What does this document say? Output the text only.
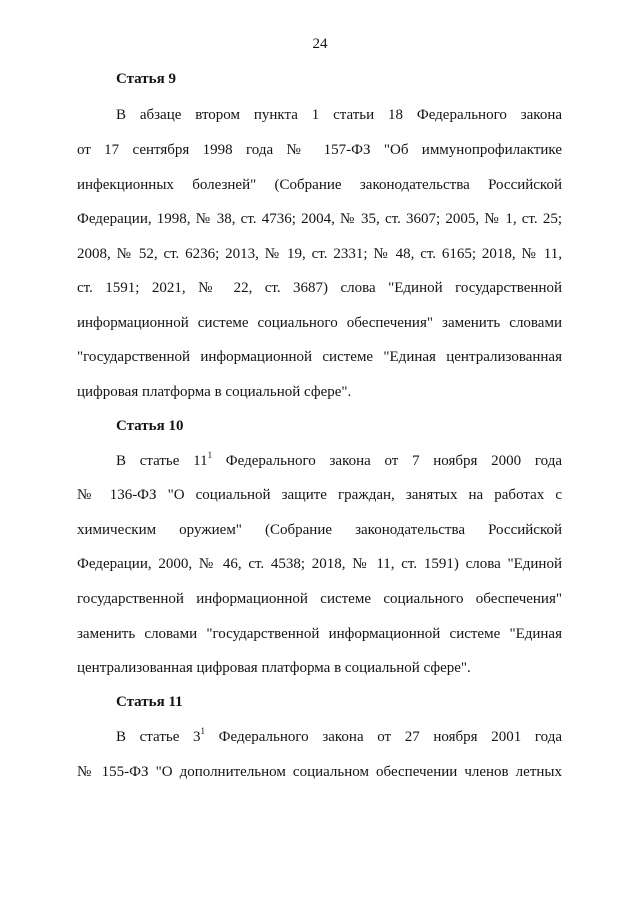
24
Статья 9
В абзаце втором пункта 1 статьи 18 Федерального закона
от 17 сентября 1998 года № 157-ФЗ "Об иммунопрофилактике
инфекционных болезней" (Собрание законодательства Российской
Федерации, 1998, № 38, ст. 4736; 2004, № 35, ст. 3607; 2005, № 1, ст. 25;
2008, № 52, ст. 6236; 2013, № 19, ст. 2331; № 48, ст. 6165; 2018, № 11,
ст. 1591; 2021, № 22, ст. 3687) слова "Единой государственной
информационной системе социального обеспечения" заменить словами
"государственной информационной системе "Единая централизованная
цифровая платформа в социальной сфере".
Статья 10
В статье $11^1$ Федерального закона от 7 ноября 2000 года
№ 136-ФЗ "О социальной защите граждан, занятых на работах с
химическим оружием" (Собрание законодательства Российской
Федерации, 2000, № 46, ст. 4538; 2018, № 11, ст. 1591) слова "Единой
государственной информационной системе социального обеспечения"
заменить словами "государственной информационной системе "Единая
централизованная цифровая платформа в социальной сфере".
Статья 11
В статье $3^1$ Федерального закона от 27 ноября 2001 года
№ 155-ФЗ "О дополнительном социальном обеспечении членов летных
